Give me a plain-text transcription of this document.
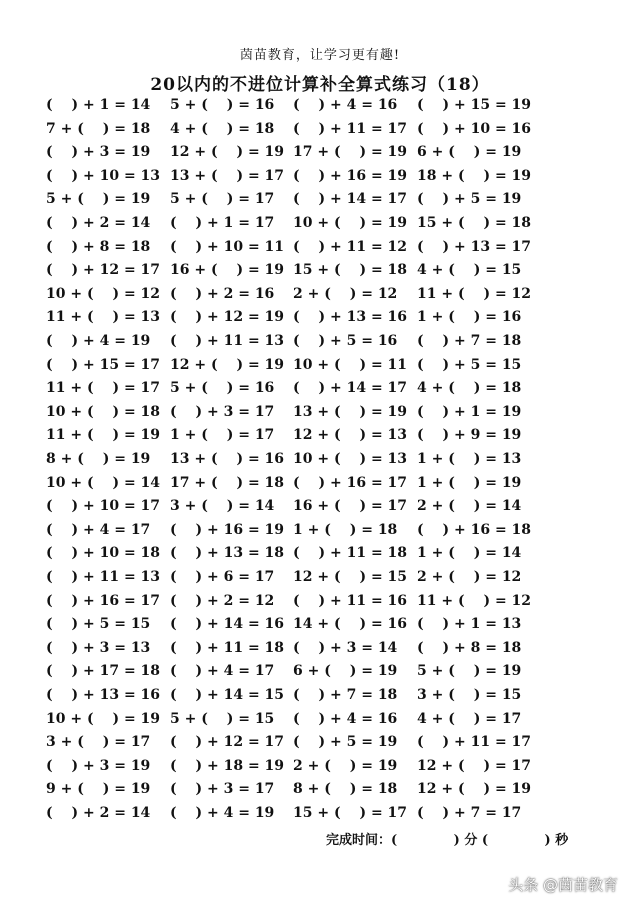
茵苗教育，让学习更有趣!
20以内的不进位计算补全算式练习（18）
(　 ) + 1 = 14 5 + (　 ) = 16 (　 ) + 4 = 16 (　 ) + 15 = 19
7 + (　 ) = 18 4 + (　 ) = 18 (　 ) + 11 = 17 (　 ) + 10 = 16
(　 ) + 3 = 19 12 + (　 ) = 19 17 + (　 ) = 19 6 + (　 ) = 19
(　 ) + 10 = 13 13 + (　 ) = 17 (　 ) + 16 = 19 18 + (　 ) = 19
5 + (　 ) = 19 5 + (　 ) = 17 (　 ) + 14 = 17 (　 ) + 5 = 19
(　 ) + 2 = 14 (　 ) + 1 = 17 10 + (　 ) = 19 15 + (　 ) = 18
(　 ) + 8 = 18 (　 ) + 10 = 11 (　 ) + 11 = 12 (　 ) + 13 = 17
(　 ) + 12 = 17 16 + (　 ) = 19 15 + (　 ) = 18 4 + (　 ) = 15
10 + (　 ) = 12 (　 ) + 2 = 16 2 + (　 ) = 12 11 + (　 ) = 12
11 + (　 ) = 13 (　 ) + 12 = 19 (　 ) + 13 = 16 1 + (　 ) = 16
(　 ) + 4 = 19 (　 ) + 11 = 13 (　 ) + 5 = 16 (　 ) + 7 = 18
(　 ) + 15 = 17 12 + (　 ) = 19 10 + (　 ) = 11 (　 ) + 5 = 15
11 + (　 ) = 17 5 + (　 ) = 16 (　 ) + 14 = 17 4 + (　 ) = 18
10 + (　 ) = 18 (　 ) + 3 = 17 13 + (　 ) = 19 (　 ) + 1 = 19
11 + (　 ) = 19 1 + (　 ) = 17 12 + (　 ) = 13 (　 ) + 9 = 19
8 + (　 ) = 19 13 + (　 ) = 16 10 + (　 ) = 13 1 + (　 ) = 13
10 + (　 ) = 14 17 + (　 ) = 18 (　 ) + 16 = 17 1 + (　 ) = 19
(　 ) + 10 = 17 3 + (　 ) = 14 16 + (　 ) = 17 2 + (　 ) = 14
(　 ) + 4 = 17 (　 ) + 16 = 19 1 + (　 ) = 18 (　 ) + 16 = 18
(　 ) + 10 = 18 (　 ) + 13 = 18 (　 ) + 11 = 18 1 + (　 ) = 14
(　 ) + 11 = 13 (　 ) + 6 = 17 12 + (　 ) = 15 2 + (　 ) = 12
(　 ) + 16 = 17 (　 ) + 2 = 12 (　 ) + 11 = 16 11 + (　 ) = 12
(　 ) + 5 = 15 (　 ) + 14 = 16 14 + (　 ) = 16 (　 ) + 1 = 13
(　 ) + 3 = 13 (　 ) + 11 = 18 (　 ) + 3 = 14 (　 ) + 8 = 18
(　 ) + 17 = 18 (　 ) + 4 = 17 6 + (　 ) = 19 5 + (　 ) = 19
(　 ) + 13 = 16 (　 ) + 14 = 15 (　 ) + 7 = 18 3 + (　 ) = 15
10 + (　 ) = 19 5 + (　 ) = 15 (　 ) + 4 = 16 4 + (　 ) = 17
3 + (　 ) = 17 (　 ) + 12 = 17 (　 ) + 5 = 19 (　 ) + 11 = 17
(　 ) + 3 = 19 (　 ) + 18 = 19 2 + (　 ) = 19 12 + (　 ) = 17
9 + (　 ) = 19 (　 ) + 3 = 17 8 + (　 ) = 18 12 + (　 ) = 19
(　 ) + 2 = 14 (　 ) + 4 = 19 15 + (　 ) = 17 (　 ) + 7 = 17
完成时间：(　　　　 ) 分 (　　　　 ) 秒
头条 @茵苗教育
